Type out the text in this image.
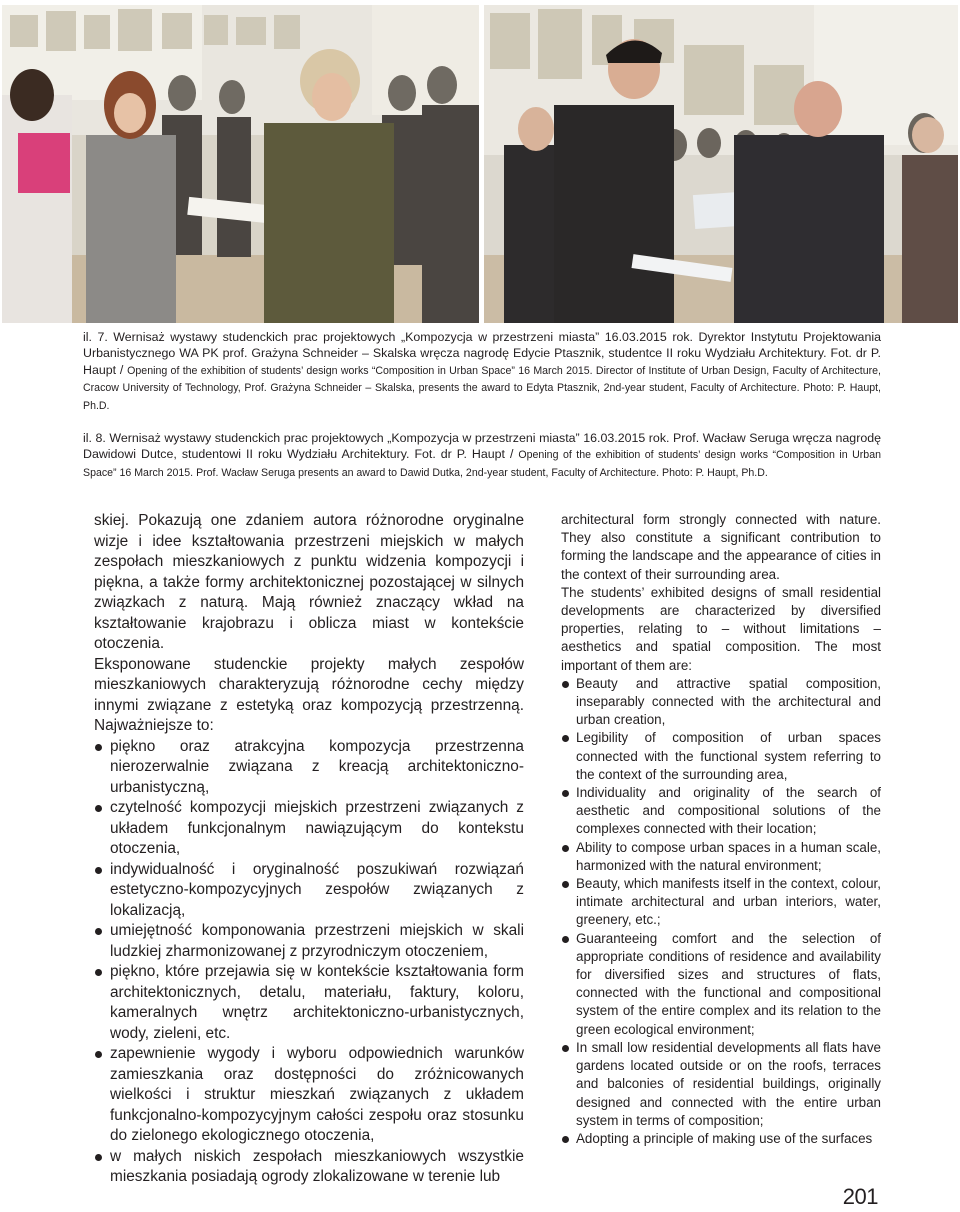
il. 7. Wernisaż wystawy studenckich prac projektowych „Kompozycja w przestrzeni miasta” 16.03.2015 rok. Dyrektor Instytutu Projektowania Urbanistycznego WA PK prof. Grażyna Schneider – Skalska wręcza nagrodę Edycie Ptasznik, studentce II roku Wydziału Architektury. Fot. dr P. Haupt / Opening of the exhibition of students’ design works “Composition in Urban Space” 16 March 2015. Director of Institute of Urban Design, Faculty of Architecture, Cracow University of Technology, Prof. Grażyna Schneider – Skalska, presents the award to Edyta Ptasznik, 2nd-year student, Faculty of Architecture. Photo: P. Haupt, Ph.D.

il. 8. Wernisaż wystawy studenckich prac projektowych „Kompozycja w przestrzeni miasta” 16.03.2015 rok. Prof. Wacław Seruga wręcza nagrodę Dawidowi Dutce, studentowi II roku Wydziału Architektury. Fot. dr P. Haupt / Opening of the exhibition of students’ design works “Composition in Urban Space” 16 March 2015. Prof. Wacław Seruga presents an award to Dawid Dutka, 2nd-year student, Faculty of Architecture. Photo: P. Haupt, Ph.D.

skiej. Pokazują one zdaniem autora różnorodne oryginalne wizje i idee kształtowania przestrzeni miejskich w małych zespołach mieszkaniowych z punktu widzenia kompozycji i piękna, a także formy architektonicznej pozostającej w silnych związkach z naturą. Mają również znaczący wkład na kształtowanie krajobrazu i oblicza miast w kontekście otoczenia.

Eksponowane studenckie projekty małych zespołów mieszkaniowych charakteryzują różnorodne cechy między innymi związane z estetyką oraz kompozycją przestrzenną. Najważniejsze to:

piękno oraz atrakcyjna kompozycja przestrzenna nierozerwalnie związana z kreacją architektoniczno-urbanistyczną,
czytelność kompozycji miejskich przestrzeni związanych z układem funkcjonalnym nawiązującym do kontekstu otoczenia,
indywidualność i oryginalność poszukiwań rozwiązań estetyczno-kompozycyjnych zespołów związanych z lokalizacją,
umiejętność komponowania przestrzeni miejskich w skali ludzkiej zharmonizowanej z przyrodniczym otoczeniem,
piękno, które przejawia się w kontekście kształtowania form architektonicznych, detalu, materiału, faktury, koloru, kameralnych wnętrz architektoniczno-urbanistycznych, wody, zieleni, etc.
zapewnienie wygody i wyboru odpowiednich warunków zamieszkania oraz dostępności do zróżnicowanych wielkości i struktur mieszkań związanych z układem funkcjonalno-kompozycyjnym całości zespołu oraz stosunku do zielonego ekologicznego otoczenia,
w małych niskich zespołach mieszkaniowych wszystkie mieszkania posiadają ogrody zlokalizowane w terenie lub

architectural form strongly connected with nature. They also constitute a significant contribution to forming the landscape and the appearance of cities in the context of their surrounding area.

The students’ exhibited designs of small residential developments are characterized by diversified properties, relating to – without limitations – aesthetics and spatial composition. The most important of them are:

Beauty and attractive spatial composition, inseparably connected with the architectural and urban creation,
Legibility of composition of urban spaces connected with the functional system referring to the context of the surrounding area,
Individuality and originality of the search of aesthetic and compositional solutions of the complexes connected with their location;
Ability to compose urban spaces in a human scale, harmonized with the natural environment;
Beauty, which manifests itself in the context, colour, intimate architectural and urban interiors, water, greenery, etc.;
Guaranteeing comfort and the selection of appropriate conditions of residence and availability for diversified sizes and structures of flats, connected with the functional and compositional system of the entire complex and its relation to the green ecological environment;
In small low residential developments all flats have gardens located outside or on the roofs, terraces and balconies of residential buildings, originally designed and connected with the entire urban system in terms of composition;
Adopting a principle of making use of the surfaces
201
